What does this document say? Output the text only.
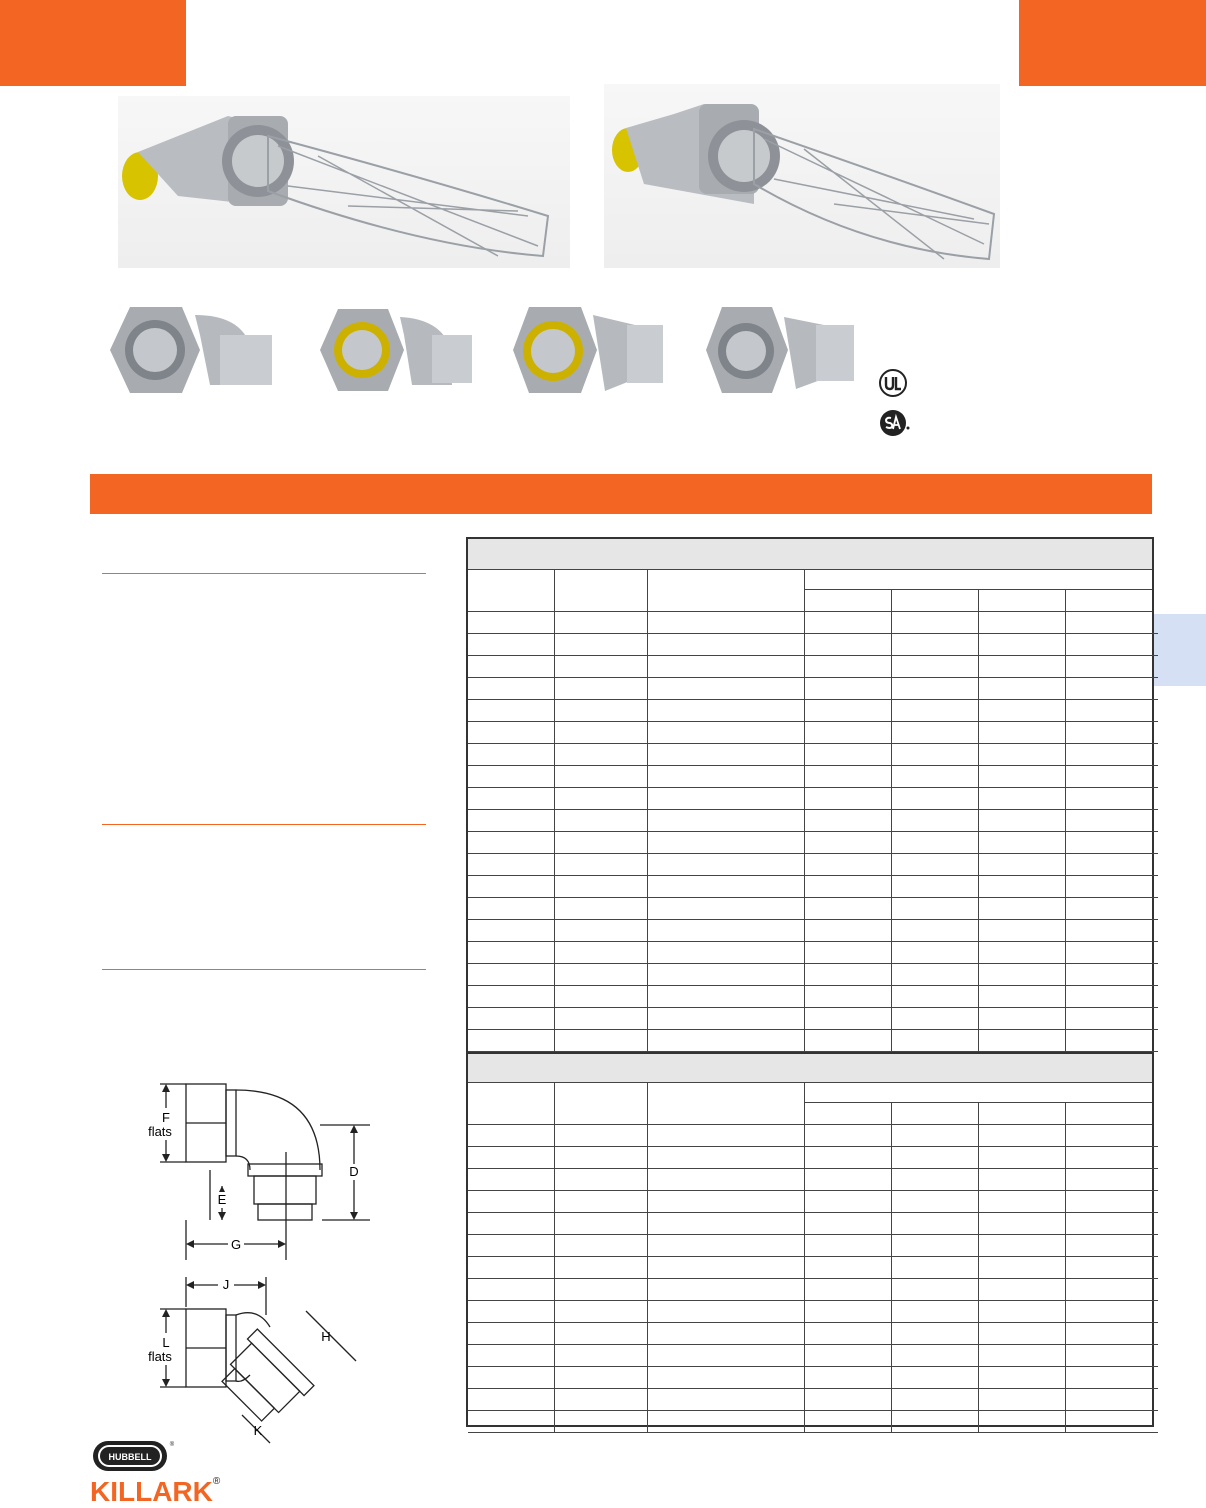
F
flats
D
E
G
J
L
flats
H
K
HUBBELL
®
KILLARK®
